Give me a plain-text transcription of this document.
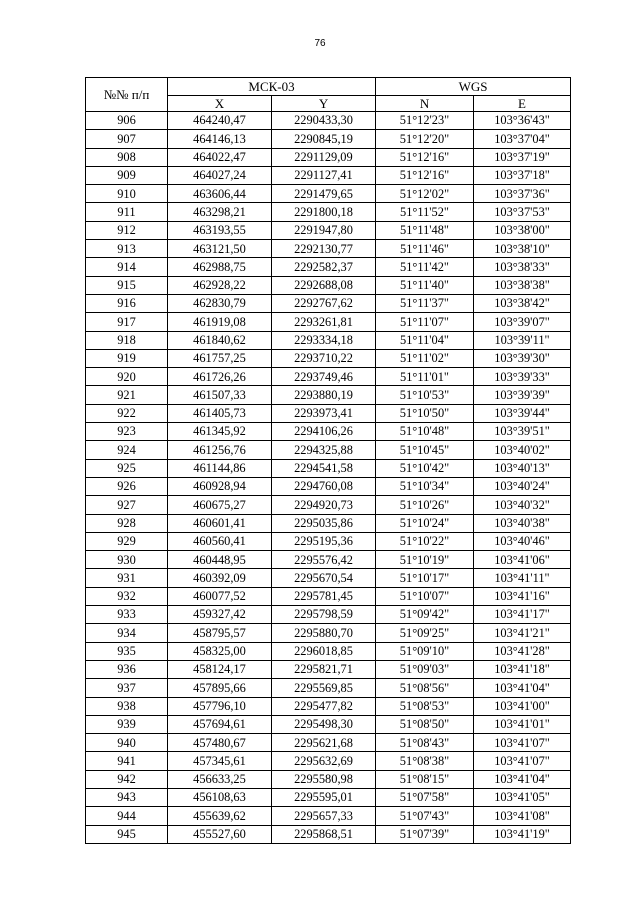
76
№№ п/п	МСК-03		WGS	
	X	Y	N	E
906	464240,47	2290433,30	51°12'23"	103°36'43"
907	464146,13	2290845,19	51°12'20"	103°37'04"
908	464022,47	2291129,09	51°12'16"	103°37'19"
909	464027,24	2291127,41	51°12'16"	103°37'18"
910	463606,44	2291479,65	51°12'02"	103°37'36"
911	463298,21	2291800,18	51°11'52"	103°37'53"
912	463193,55	2291947,80	51°11'48"	103°38'00"
913	463121,50	2292130,77	51°11'46"	103°38'10"
914	462988,75	2292582,37	51°11'42"	103°38'33"
915	462928,22	2292688,08	51°11'40"	103°38'38"
916	462830,79	2292767,62	51°11'37"	103°38'42"
917	461919,08	2293261,81	51°11'07"	103°39'07"
918	461840,62	2293334,18	51°11'04"	103°39'11"
919	461757,25	2293710,22	51°11'02"	103°39'30"
920	461726,26	2293749,46	51°11'01"	103°39'33"
921	461507,33	2293880,19	51°10'53"	103°39'39"
922	461405,73	2293973,41	51°10'50"	103°39'44"
923	461345,92	2294106,26	51°10'48"	103°39'51"
924	461256,76	2294325,88	51°10'45"	103°40'02"
925	461144,86	2294541,58	51°10'42"	103°40'13"
926	460928,94	2294760,08	51°10'34"	103°40'24"
927	460675,27	2294920,73	51°10'26"	103°40'32"
928	460601,41	2295035,86	51°10'24"	103°40'38"
929	460560,41	2295195,36	51°10'22"	103°40'46"
930	460448,95	2295576,42	51°10'19"	103°41'06"
931	460392,09	2295670,54	51°10'17"	103°41'11"
932	460077,52	2295781,45	51°10'07"	103°41'16"
933	459327,42	2295798,59	51°09'42"	103°41'17"
934	458795,57	2295880,70	51°09'25"	103°41'21"
935	458325,00	2296018,85	51°09'10"	103°41'28"
936	458124,17	2295821,71	51°09'03"	103°41'18"
937	457895,66	2295569,85	51°08'56"	103°41'04"
938	457796,10	2295477,82	51°08'53"	103°41'00"
939	457694,61	2295498,30	51°08'50"	103°41'01"
940	457480,67	2295621,68	51°08'43"	103°41'07"
941	457345,61	2295632,69	51°08'38"	103°41'07"
942	456633,25	2295580,98	51°08'15"	103°41'04"
943	456108,63	2295595,01	51°07'58"	103°41'05"
944	455639,62	2295657,33	51°07'43"	103°41'08"
945	455527,60	2295868,51	51°07'39"	103°41'19"
